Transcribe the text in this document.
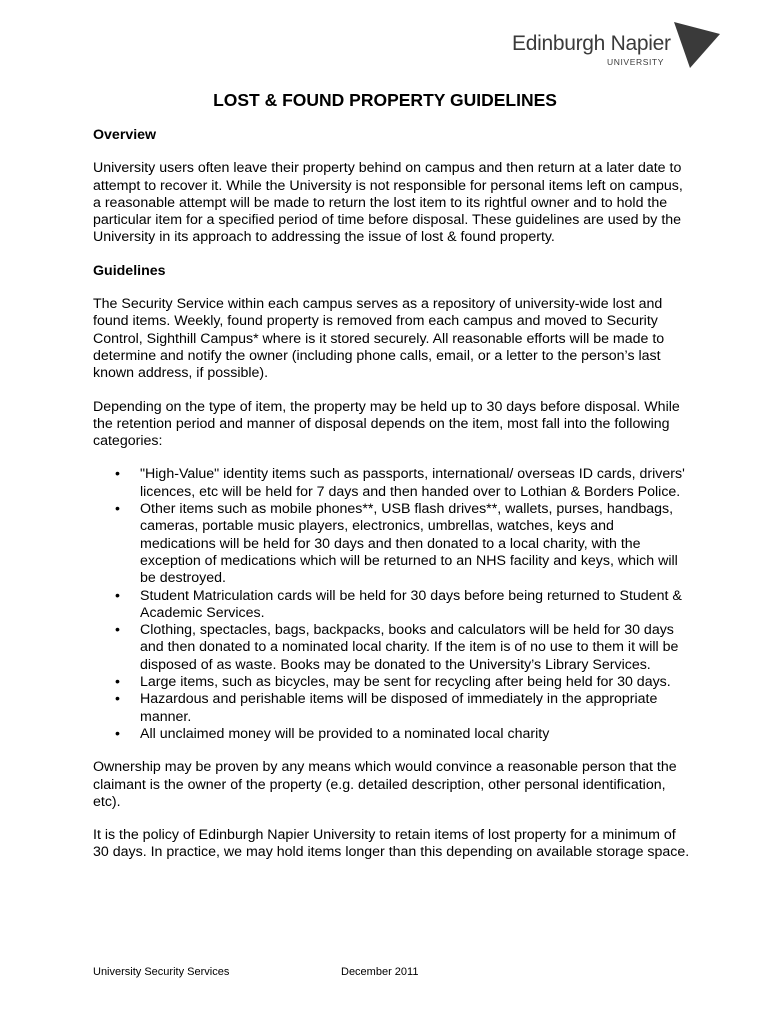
Edinburgh Napier
UNIVERSITY
LOST & FOUND PROPERTY GUIDELINES
Overview

University users often leave their property behind on campus and then return at a later date to attempt to recover it. While the University is not responsible for personal items left on campus, a reasonable attempt will be made to return the lost item to its rightful owner and to hold the particular item for a specified period of time before disposal. These guidelines are used by the University in its approach to addressing the issue of lost & found property.

Guidelines

The Security Service within each campus serves as a repository of university-wide lost and found items. Weekly, found property is removed from each campus and moved to Security Control, Sighthill Campus* where is it stored securely. All reasonable efforts will be made to determine and notify the owner (including phone calls, email, or a letter to the person’s last known address, if possible).

Depending on the type of item, the property may be held up to 30 days before disposal. While the retention period and manner of disposal depends on the item, most fall into the following categories:

• "High-Value" identity items such as passports, international/ overseas ID cards, drivers' licences, etc will be held for 7 days and then handed over to Lothian & Borders Police.
• Other items such as mobile phones**, USB flash drives**, wallets, purses, handbags, cameras, portable music players, electronics, umbrellas, watches, keys and medications will be held for 30 days and then donated to a local charity, with the exception of medications which will be returned to an NHS facility and keys, which will be destroyed.
• Student Matriculation cards will be held for 30 days before being returned to Student & Academic Services.
• Clothing, spectacles, bags, backpacks, books and calculators will be held for 30 days and then donated to a nominated local charity. If the item is of no use to them it will be disposed of as waste. Books may be donated to the University’s Library Services.
• Large items, such as bicycles, may be sent for recycling after being held for 30 days.
• Hazardous and perishable items will be disposed of immediately in the appropriate manner.
• All unclaimed money will be provided to a nominated local charity

Ownership may be proven by any means which would convince a reasonable person that the claimant is the owner of the property (e.g. detailed description, other personal identification, etc).

It is the policy of Edinburgh Napier University to retain items of lost property for a minimum of 30 days. In practice, we may hold items longer than this depending on available storage space.

University Security Services	December 2011
